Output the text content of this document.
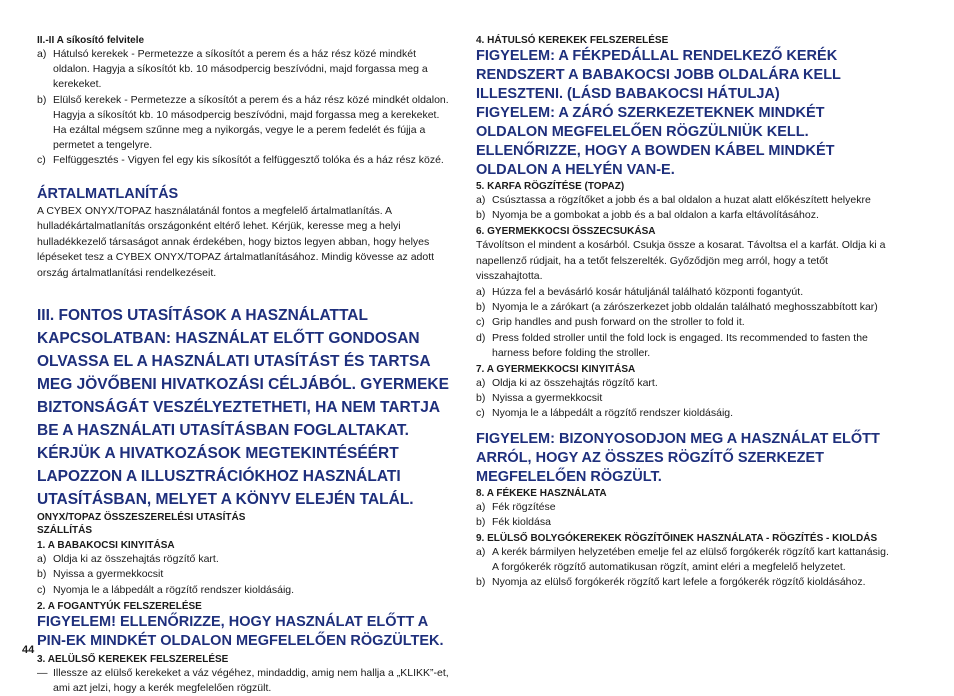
II.-II A síkosító felvitele
a) Hátulsó kerekek - Permetezze a síkosítót a perem és a ház rész közé mindkét oldalon. Hagyja a síkosítót kb. 10 másodpercig beszívódni, majd forgassa meg a kerekeket.
b) Elülső kerekek - Permetezze a síkosítót a perem és a ház rész közé mindkét oldalon. Hagyja a síkosítót kb. 10 másodpercig beszívódni, majd forgassa meg a kerekeket. Ha ezáltal mégsem szűnne meg a nyikorgás, vegye le a perem fedelét és fújja a permetet a tengelyre.
c) Felfüggesztés - Vigyen fel egy kis síkosítót a felfüggesztő tolóka és a ház rész közé.
ÁRTALMATLANÍTÁS

A CYBEX ONYX/TOPAZ használatánál fontos a megfelelő ártalmatlanítás. A hulladékártalmatlanítás országonként eltérő lehet. Kérjük, keresse meg a helyi hulladékkezelő társaságot annak érdekében, hogy biztos legyen abban, hogy helyes lépéseket tesz a CYBEX ONYX/TOPAZ ártalmatlanításához. Mindig kövesse az adott ország ártalmatlanítási rendelkezéseit.

III. FONTOS UTASÍTÁSOK A HASZNÁLATTAL KAPCSOLATBAN: HASZNÁLAT ELŐTT GONDOSAN OLVASSA EL A HASZNÁLATI UTASÍTÁST ÉS TARTSA MEG JÖVŐBENI HIVATKOZÁSI CÉLJÁBÓL. GYERMEKE BIZTONSÁGÁT VESZÉLYEZTETHETI, HA NEM TARTJA BE A HASZNÁLATI UTASÍTÁSBAN FOGLALTAKAT. KÉRJÜK A HIVATKOZÁSOK MEGTEKINTÉSÉÉRT LAPOZZON A ILLUSZTRÁCIÓKHOZ HASZNÁLATI UTASÍTÁSBAN, MELYET A KÖNYV ELEJÉN TALÁL.
ONYX/TOPAZ ÖSSZESZERELÉSI UTASÍTÁS
SZÁLLÍTÁS
1. A BABAKOCSI KINYITÁSA
a) Oldja ki az összehajtás rögzítő kart.
b) Nyissa a gyermekkocsit
c) Nyomja le a lábpedált a rögzítő rendszer kioldásáig.
2. A FOGANTYÚK FELSZERELÉSE
FIGYELEM! ELLENŐRIZZE, HOGY HASZNÁLAT ELŐTT A PIN-EK MINDKÉT OLDALON MEGFELELŐEN RÖGZÜLTEK.
3. AELÜLSŐ KEREKEK FELSZERELÉSE
— Illessze az elülső kerekeket a váz végéhez, mindaddig, amig nem hallja a „KLIKK”-et, ami azt jelzi, hogy a kerék megfelelően rögzült.
44
4. HÁTULSÓ KEREKEK FELSZERELÉSE
FIGYELEM: A FÉKPEDÁLLAL RENDELKEZŐ KERÉK RENDSZERT A BABAKOCSI JOBB OLDALÁRA KELL ILLESZTENI. (LÁSD BABAKOCSI HÁTULJA)
FIGYELEM: A ZÁRÓ SZERKEZETEKNEK MINDKÉT OLDALON MEGFELELŐEN RÖGZÜLNIÜK KELL.
ELLENŐRIZZE, HOGY A BOWDEN KÁBEL MINDKÉT OLDALON A HELYÉN VAN-E.
5. KARFA RÖGZÍTÉSE (TOPAZ)
a) Csúsztassa a rögzítőket a jobb és a bal oldalon a huzat alatt előkészített helyekre
b) Nyomja be a gombokat a jobb és a bal oldalon a karfa eltávolításához.
6. GYERMEKKOCSI ÖSSZECSUKÁSA

Távolítson el mindent a kosárból. Csukja össze a kosarat. Távoltsa el a karfát. Oldja ki a napellenző rúdjait, ha a tetőt felszerelték. Győződjön meg arról, hogy a tetőt visszahajtotta.

a) Húzza fel a bevásárló kosár hátuljánál található központi fogantyút.
b) Nyomja le a zárókart (a zárószerkezet jobb oldalán található meghosszabbított kar)
c) Grip handles and push forward on the stroller to fold it.
d) Press folded stroller until the fold lock is engaged. Its recommended to fasten the harness before folding the stroller.
7. A GYERMEKKOCSI KINYITÁSA
a) Oldja ki az összehajtás rögzítő kart.
b) Nyissa a gyermekkocsit
c) Nyomja le a lábpedált a rögzítő rendszer kioldásáig.
FIGYELEM: BIZONYOSODJON MEG A HASZNÁLAT ELŐTT ARRÓL, HOGY AZ ÖSSZES RÖGZÍTŐ SZERKEZET MEGFELELŐEN RÖGZÜLT.
8. A FÉKEKE HASZNÁLATA
a) Fék rögzítése
b) Fék kioldása
9. ELÜLSŐ BOLYGÓKEREKEK RÖGZÍTŐINEK HASZNÁLATA - RÖGZÍTÉS - KIOLDÁS
a) A kerék bármilyen helyzetében emelje fel az elülső forgókerék rögzítő kart kattanásig. A forgókerék rögzítő automatikusan rögzít, amint eléri a megfelelő helyzetet.
b) Nyomja az elülső forgókerék rögzítő kart lefele a forgókerék rögzítő kioldásához.
